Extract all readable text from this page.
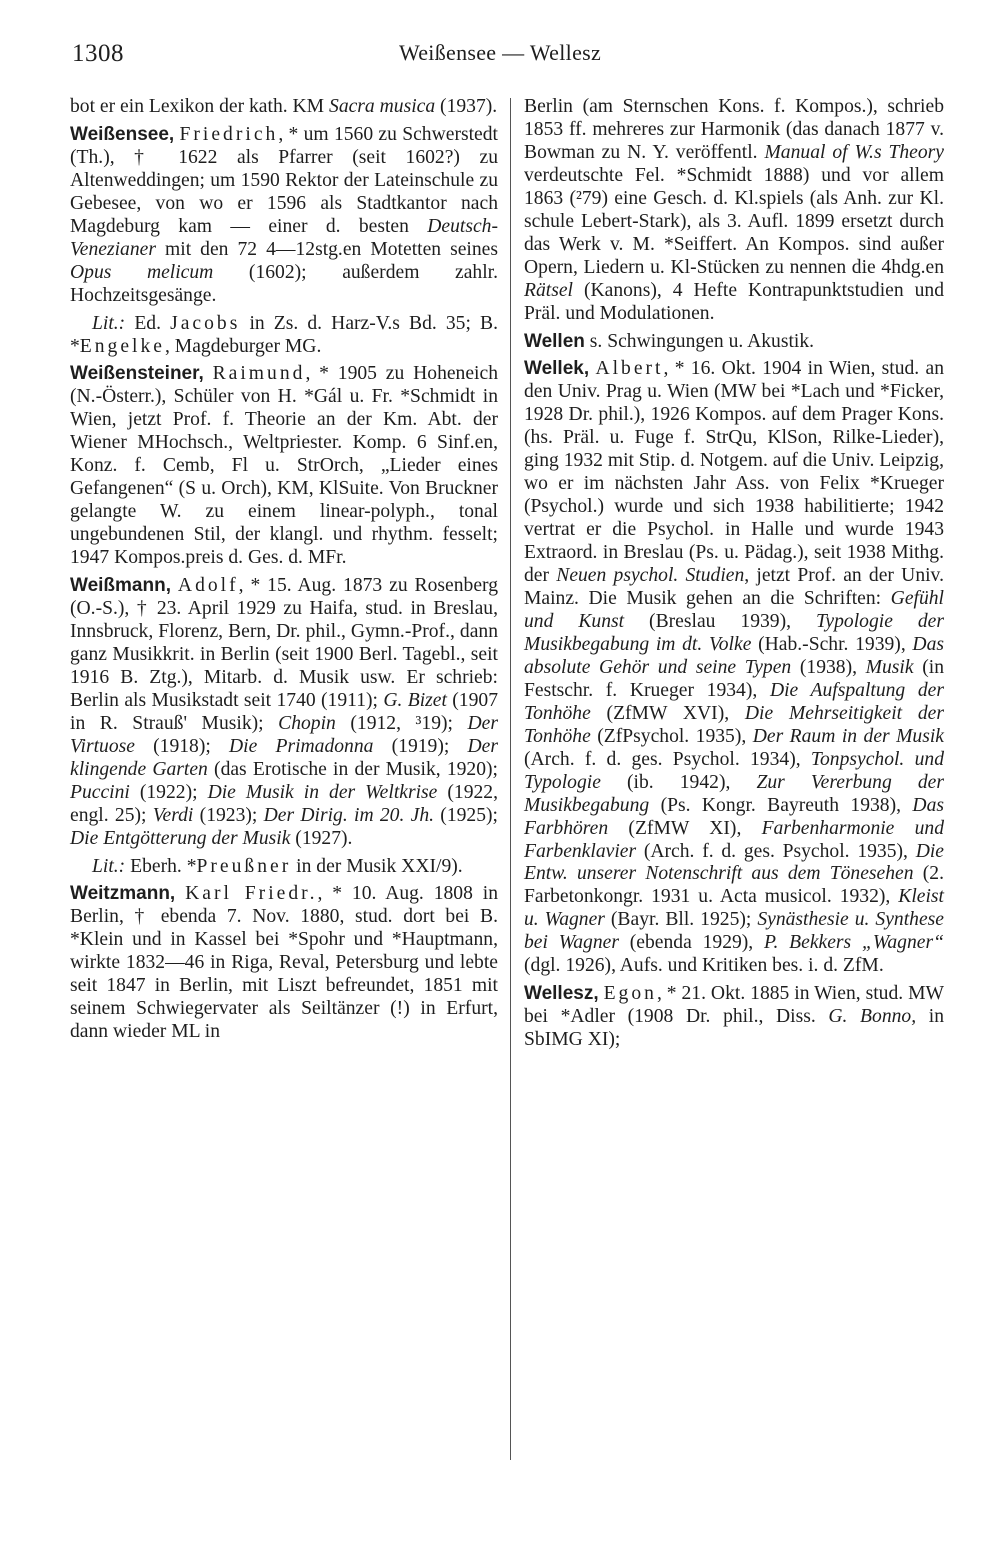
1308	Weißensee — Wellesz

bot er ein Lexikon der kath. KM Sacra musica (1937).

Weißensee, Friedrich, * um 1560 zu Schwerstedt (Th.), † 1622 als Pfarrer (seit 1602?) zu Altenweddingen; um 1590 Rektor der Lateinschule zu Gebesee, von wo er 1596 als Stadtkantor nach Magdeburg kam — einer d. besten Deutsch-Venezianer mit den 72 4—12stg.en Motetten seines Opus melicum (1602); außerdem zahlr. Hochzeitsgesänge.

Lit.: Ed. Jacobs in Zs. d. Harz-V.s Bd. 35; B. *Engelke, Magdeburger MG.

Weißensteiner, Raimund, * 1905 zu Hoheneich (N.-Österr.), Schüler von H. *Gál u. Fr. *Schmidt in Wien, jetzt Prof. f. Theorie an der Km. Abt. der Wiener MHochsch., Weltpriester. Komp. 6 Sinf.en, Konz. f. Cemb, Fl u. StrOrch, „Lieder eines Gefangenen“ (S u. Orch), KM, KlSuite. Von Bruckner gelangte W. zu einem linear-polyph., tonal ungebundenen Stil, der klangl. und rhythm. fesselt; 1947 Kompos.preis d. Ges. d. MFr.

Weißmann, Adolf, * 15. Aug. 1873 zu Rosenberg (O.-S.), † 23. April 1929 zu Haifa, stud. in Breslau, Innsbruck, Florenz, Bern, Dr. phil., Gymn.-Prof., dann ganz Musikkrit. in Berlin (seit 1900 Berl. Tagebl., seit 1916 B. Ztg.), Mitarb. d. Musik usw. Er schrieb: Berlin als Musikstadt seit 1740 (1911); G. Bizet (1907 in R. Strauß' Musik); Chopin (1912, ³19); Der Virtuose (1918); Die Primadonna (1919); Der klingende Garten (das Erotische in der Musik, 1920); Puccini (1922); Die Musik in der Weltkrise (1922, engl. 25); Verdi (1923); Der Dirig. im 20. Jh. (1925); Die Entgötterung der Musik (1927).

Lit.: Eberh. *Preußner in der Musik XXI/9).

Weitzmann, Karl Friedr., * 10. Aug. 1808 in Berlin, † ebenda 7. Nov. 1880, stud. dort bei B. *Klein und in Kassel bei *Spohr und *Hauptmann, wirkte 1832—46 in Riga, Reval, Petersburg und lebte seit 1847 in Berlin, mit Liszt befreundet, 1851 mit seinem Schwiegervater als Seiltänzer (!) in Erfurt, dann wieder ML in

Berlin (am Sternschen Kons. f. Kompos.), schrieb 1853 ff. mehreres zur Harmonik (das danach 1877 v. Bowman zu N. Y. veröffentl. Manual of W.s Theory verdeutschte Fel. *Schmidt 1888) und vor allem 1863 (²79) eine Gesch. d. Kl.spiels (als Anh. zur Kl. schule Lebert-Stark), als 3. Aufl. 1899 ersetzt durch das Werk v. M. *Seiffert. An Kompos. sind außer Opern, Liedern u. Kl-Stücken zu nennen die 4hdg.en Rätsel (Kanons), 4 Hefte Kontrapunktstudien und Präl. und Modulationen.

Wellen s. Schwingungen u. Akustik.

Wellek, Albert, * 16. Okt. 1904 in Wien, stud. an den Univ. Prag u. Wien (MW bei *Lach und *Ficker, 1928 Dr. phil.), 1926 Kompos. auf dem Prager Kons. (hs. Präl. u. Fuge f. StrQu, KlSon, Rilke-Lieder), ging 1932 mit Stip. d. Notgem. auf die Univ. Leipzig, wo er im nächsten Jahr Ass. von Felix *Krueger (Psychol.) wurde und sich 1938 habilitierte; 1942 vertrat er die Psychol. in Halle und wurde 1943 Extraord. in Breslau (Ps. u. Pädag.), seit 1938 Mithg. der Neuen psychol. Studien, jetzt Prof. an der Univ. Mainz. Die Musik gehen an die Schriften: Gefühl und Kunst (Breslau 1939), Typologie der Musikbegabung im dt. Volke (Hab.-Schr. 1939), Das absolute Gehör und seine Typen (1938), Musik (in Festschr. f. Krueger 1934), Die Aufspaltung der Tonhöhe (ZfMW XVI), Die Mehrseitigkeit der Tonhöhe (ZfPsychol. 1935), Der Raum in der Musik (Arch. f. d. ges. Psychol. 1934), Tonpsychol. und Typologie (ib. 1942), Zur Vererbung der Musikbegabung (Ps. Kongr. Bayreuth 1938), Das Farbhören (ZfMW XI), Farbenharmonie und Farbenklavier (Arch. f. d. ges. Psychol. 1935), Die Entw. unserer Notenschrift aus dem Tönesehen (2. Farbetonkongr. 1931 u. Acta musicol. 1932), Kleist u. Wagner (Bayr. Bll. 1925); Synästhesie u. Synthese bei Wagner (ebenda 1929), P. Bekkers „Wagner“ (dgl. 1926), Aufs. und Kritiken bes. i. d. ZfM.

Wellesz, Egon, * 21. Okt. 1885 in Wien, stud. MW bei *Adler (1908 Dr. phil., Diss. G. Bonno, in SbIMG XI);
